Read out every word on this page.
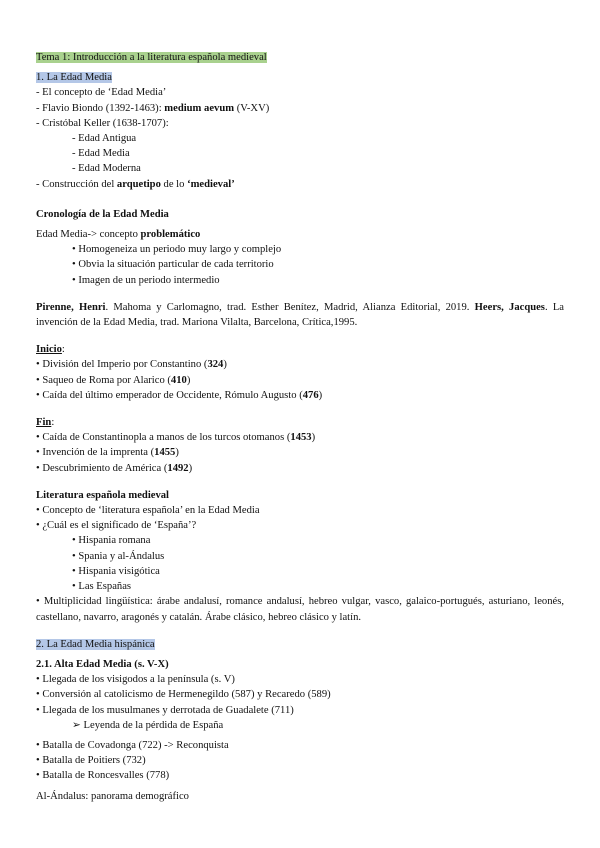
Tema 1: Introducción a la literatura española medieval
1. La Edad Media
- El concepto de ‘Edad Media’
- Flavio Biondo (1392-1463): medium aevum (V-XV)
- Cristóbal Keller (1638-1707):
- Edad Antigua
- Edad Media
- Edad Moderna
- Construcción del arquetipo de lo ‘medieval’
Cronología de la Edad Media
Edad Media-> concepto problemático
• Homogeneiza un periodo muy largo y complejo
• Obvia la situación particular de cada territorio
• Imagen de un periodo intermedio
Pirenne, Henri. Mahoma y Carlomagno, trad. Esther Benítez, Madrid, Alianza Editorial, 2019. Heers, Jacques. La invención de la Edad Media, trad. Mariona Vilalta, Barcelona, Crítica,1995.
Inicio:
• División del Imperio por Constantino (324)
• Saqueo de Roma por Alarico (410)
• Caída del último emperador de Occidente, Rómulo Augusto (476)
Fin:
• Caída de Constantinopla a manos de los turcos otomanos (1453)
• Invención de la imprenta (1455)
• Descubrimiento de América (1492)
Literatura española medieval
• Concepto de ‘literatura española’ en la Edad Media
• ¿Cuál es el significado de ‘España’?
• Hispania romana
• Spania y al-Ándalus
• Hispania visigótica
• Las Españas
• Multiplicidad lingüística: árabe andalusí, romance andalusí, hebreo vulgar, vasco, galaico-portugués, asturiano, leonés, castellano, navarro, aragonés y catalán. Árabe clásico, hebreo clásico y latín.
2. La Edad Media hispánica
2.1. Alta Edad Media (s. V-X)
• Llegada de los visigodos a la península (s. V)
• Conversión al catolicismo de Hermenegildo (587) y Recaredo (589)
• Llegada de los musulmanes y derrotada de Guadalete (711)
➢ Leyenda de la pérdida de España
• Batalla de Covadonga (722) -> Reconquista
• Batalla de Poitiers (732)
• Batalla de Roncesvalles (778)
Al-Ándalus: panorama demográfico
